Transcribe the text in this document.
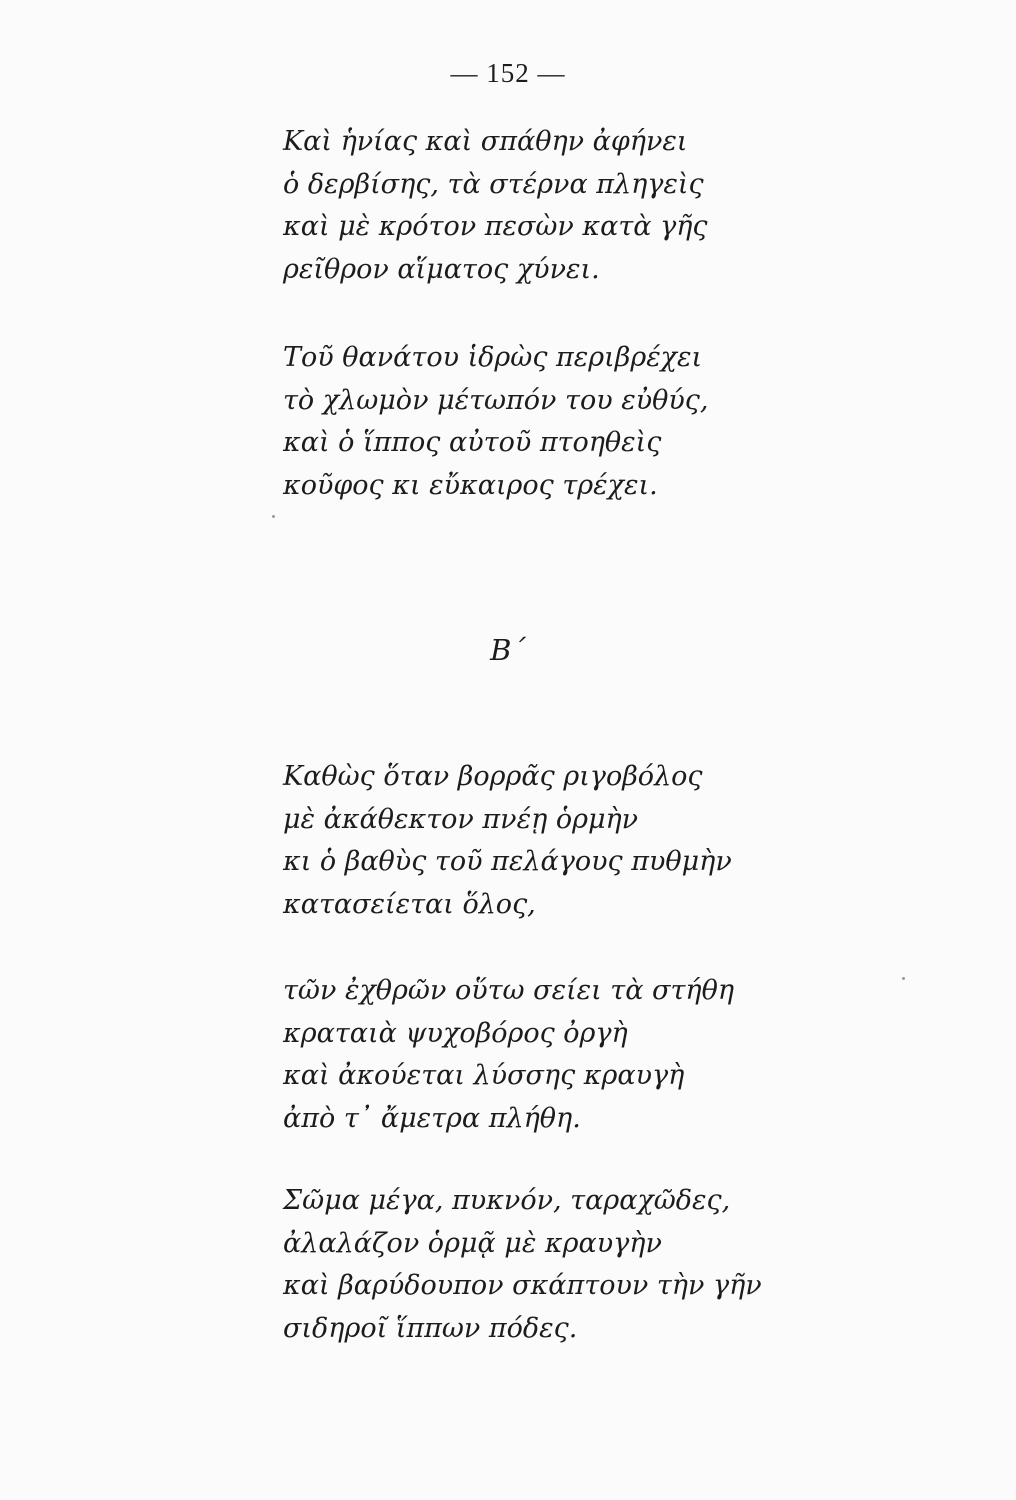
— 152 —
Καὶ ἡνίας καὶ σπάθην ἀφήνει
ὁ δερβίσης, τὰ στέρνα πληγεὶς
καὶ μὲ κρότον πεσὼν κατὰ γῆς
ρεῖθρον αἵματος χύνει.
Τοῦ θανάτου ἱδρὼς περιβρέχει
τὸ χλωμὸν μέτωπόν του εὐθύς,
καὶ ὁ ἵππος αὐτοῦ πτοηθεὶς
κοῦφος κι εὔκαιρος τρέχει.
Β΄
Καθὼς ὅταν βορρᾶς ριγοβόλος
μὲ ἀκάθεκτον πνέῃ ὁρμὴν
κι ὁ βαθὺς τοῦ πελάγους πυθμὴν
κατασείεται ὅλος,
τῶν ἐχθρῶν οὕτω σείει τὰ στήθη
κραταιὰ ψυχοβόρος ὀργὴ
καὶ ἀκούεται λύσσης κραυγὴ
ἀπὸ τ᾿ ἄμετρα πλήθη.
Σῶμα μέγα, πυκνόν, ταραχῶδες,
ἀλαλάζον ὁρμᾷ μὲ κραυγὴν
καὶ βαρύδουπον σκάπτουν τὴν γῆν
σιδηροῖ ἵππων πόδες.
